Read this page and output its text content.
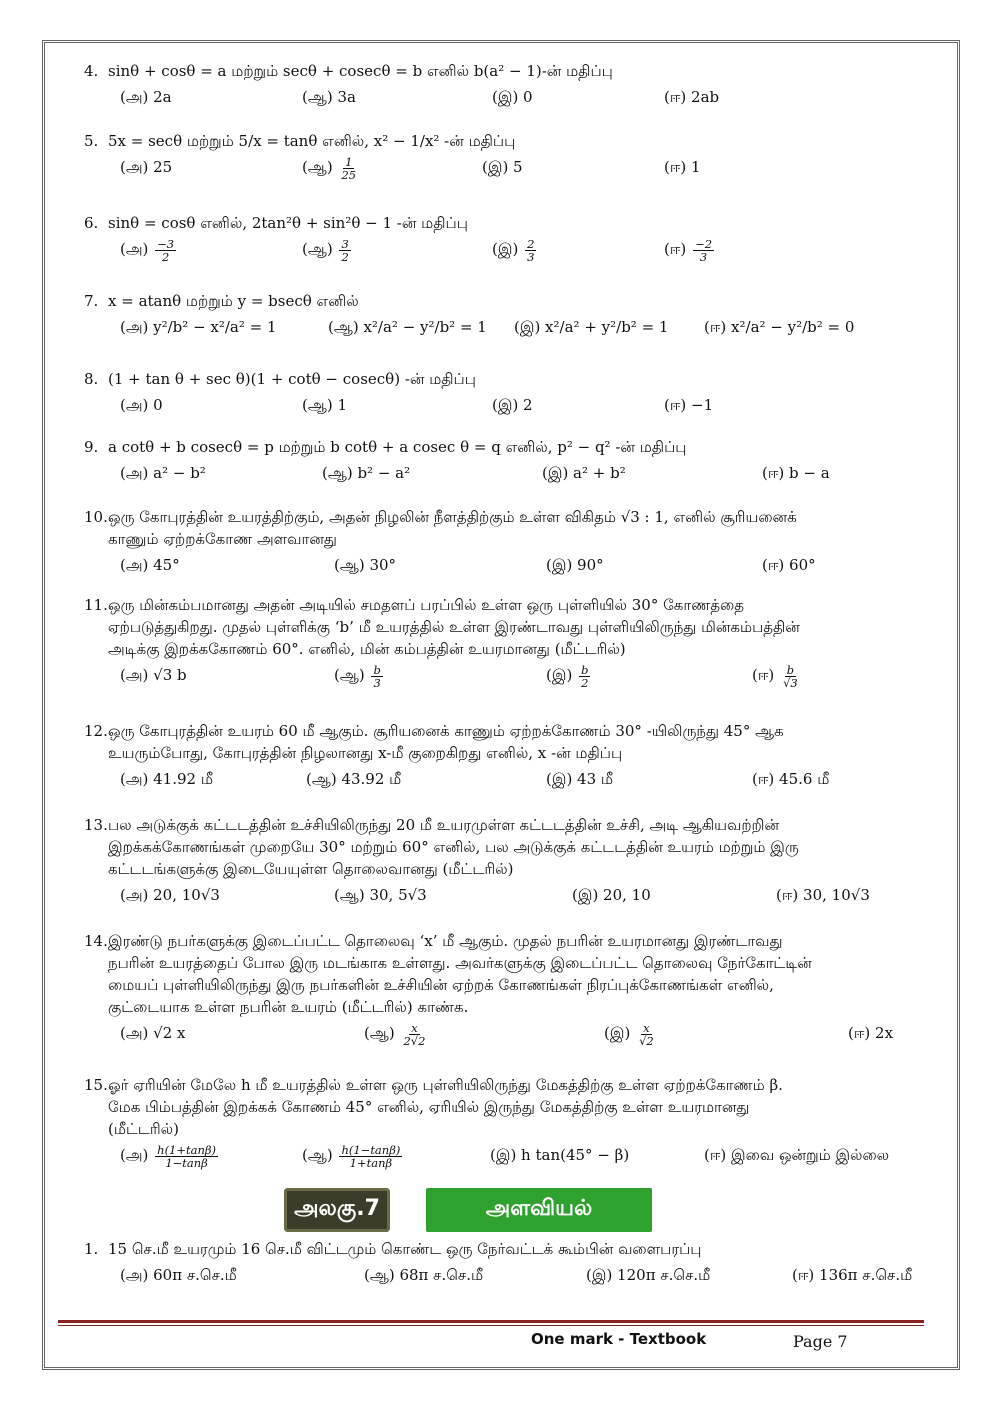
4. sinθ + cosθ = a மற்றும் secθ + cosecθ = b எனில் b(a² − 1)-ன் மதிப்பு
(அ) 2a	(ஆ) 3a	(இ) 0	(ஈ) 2ab
5. 5x = secθ மற்றும் 5/x = tanθ எனில், x² − 1/x² -ன் மதிப்பு
(அ) 25	(ஆ) $\frac{1}{25}$	(இ) 5	(ஈ) 1
6. sinθ = cosθ எனில், 2tan²θ + sin²θ − 1 -ன் மதிப்பு
(அ) $\frac{-3}{2}$	(ஆ) $\frac{3}{2}$	(இ) $\frac{2}{3}$	(ஈ) $\frac{-2}{3}$
7. x = atanθ மற்றும் y = bsecθ எனில்
(அ) y²/b² − x²/a² = 1	(ஆ) x²/a² − y²/b² = 1 (இ) x²/a² + y²/b² = 1 (ஈ) x²/a² − y²/b² = 0
8. (1 + tan θ + sec θ)(1 + cotθ − cosecθ) -ன் மதிப்பு
(அ) 0	(ஆ) 1	(இ) 2	(ஈ) −1
9. a cotθ + b cosecθ = p மற்றும் b cotθ + a cosec θ = q எனில், p² − q² -ன் மதிப்பு
(அ) a² − b²	(ஆ) b² − a²	(இ) a² + b²	(ஈ) b − a
10.ஒரு கோபுரத்தின் உயரத்திற்கும், அதன் நிழலின் நீளத்திற்கும் உள்ள விகிதம் √3 : 1, எனில் சூரியனைக்
காணும் ஏற்றக்கோண அளவானது
(அ) 45°	(ஆ) 30°	(இ) 90°	(ஈ) 60°
11.ஒரு மின்கம்பமானது அதன் அடியில் சமதளப் பரப்பில் உள்ள ஒரு புள்ளியில் 30° கோணத்தை
ஏற்படுத்துகிறது. முதல் புள்ளிக்கு ‘b’ மீ உயரத்தில் உள்ள இரண்டாவது புள்ளியிலிருந்து மின்கம்பத்தின்
அடிக்கு இறக்ககோணம் 60°. எனில், மின் கம்பத்தின் உயரமானது (மீட்டரில்)
(அ) √3 b	(ஆ) $\frac{b}{3}$	(இ) $\frac{b}{2}$	(ஈ) $\frac{b}{√3}$
12.ஒரு கோபுரத்தின் உயரம் 60 மீ ஆகும். சூரியனைக் காணும் ஏற்றக்கோணம் 30° -யிலிருந்து 45° ஆக
உயரும்போது, கோபுரத்தின் நிழலானது x-மீ குறைகிறது எனில், x -ன் மதிப்பு
(அ) 41.92 மீ	(ஆ) 43.92 மீ	(இ) 43 மீ	(ஈ) 45.6 மீ
13.பல அடுக்குக் கட்டடத்தின் உச்சியிலிருந்து 20 மீ உயரமுள்ள கட்டடத்தின் உச்சி, அடி ஆகியவற்றின்
இறக்கக்கோணங்கள் முறையே 30° மற்றும் 60° எனில், பல அடுக்குக் கட்டடத்தின் உயரம் மற்றும் இரு
கட்டடங்களுக்கு இடையேயுள்ள தொலைவானது (மீட்டரில்)
(அ) 20, 10√3	(ஆ) 30, 5√3	(இ) 20, 10	(ஈ) 30, 10√3
14.இரண்டு நபர்களுக்கு இடைப்பட்ட தொலைவு ‘x’ மீ ஆகும். முதல் நபரின் உயரமானது இரண்டாவது
நபரின் உயரத்தைப் போல இரு மடங்காக உள்ளது. அவர்களுக்கு இடைப்பட்ட தொலைவு நேர்கோட்டின்
மையப் புள்ளியிலிருந்து இரு நபர்களின் உச்சியின் ஏற்றக் கோணங்கள் நிரப்புக்கோணங்கள் எனில்,
குட்டையாக உள்ள நபரின் உயரம் (மீட்டரில்) காண்க.
(அ) √2 x	(ஆ) $\frac{x}{2√2}$	(இ) $\frac{x}{√2}$	(ஈ) 2x
15.ஓர் ஏரியின் மேலே h மீ உயரத்தில் உள்ள ஒரு புள்ளியிலிருந்து மேகத்திற்கு உள்ள ஏற்றக்கோணம் β.
மேக பிம்பத்தின் இறக்கக் கோணம் 45° எனில், ஏரியில் இருந்து மேகத்திற்கு உள்ள உயரமானது
(மீட்டரில்)
(அ) $\frac{h(1+\tan\beta)}{1-\tan\beta}$	(ஆ) $\frac{h(1-\tan\beta)}{1+\tan\beta}$	(இ) h tan(45° − β)	(ஈ) இவை ஒன்றும் இல்லை
அலகு.7	அளவியல்
1. 15 செ.மீ உயரமும் 16 செ.மீ விட்டமும் கொண்ட ஒரு நேர்வட்டக் கூம்பின் வளைபரப்பு
(அ) 60π ச.செ.மீ	(ஆ) 68π ச.செ.மீ	(இ) 120π ச.செ.மீ	(ஈ) 136π ச.செ.மீ
One mark - Textbook	Page 7
